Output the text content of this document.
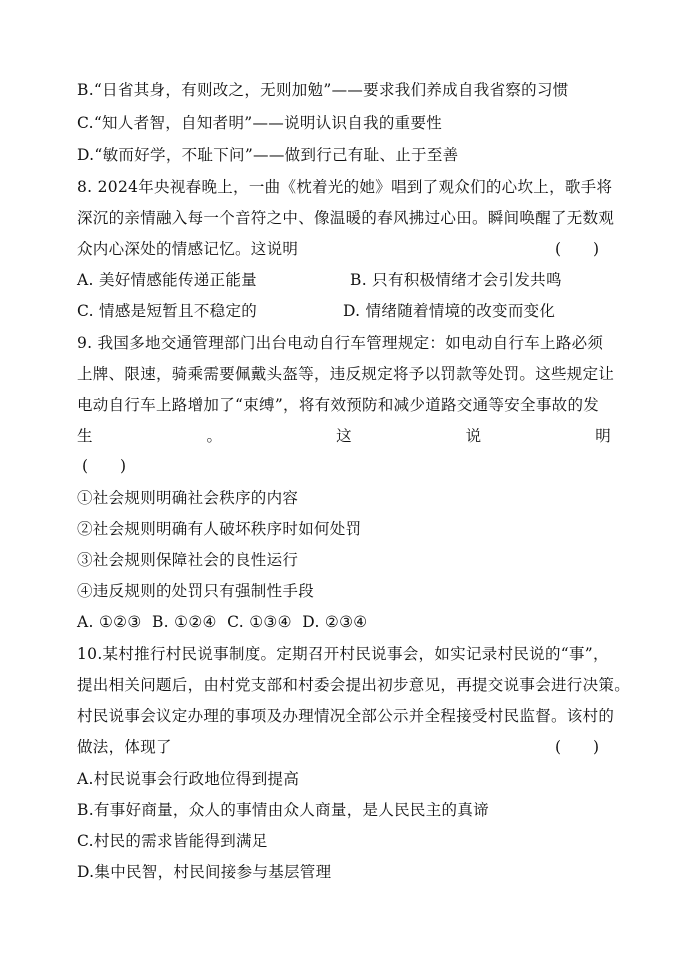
B.“日省其身，有则改之，无则加勉”——要求我们养成自我省察的习惯
C.“知人者智，自知者明”——说明认识自我的重要性
D.“敏而好学，不耻下问”——做到行己有耻、止于至善
8. 2024年央视春晚上，一曲《枕着光的她》唱到了观众们的心坎上，歌手将
深沉的亲情融入每一个音符之中、像温暖的春风拂过心田。瞬间唤醒了无数观
众内心深处的情感记忆。这说明	(　　)
A. 美好情感能传递正能量	B. 只有积极情绪才会引发共鸣
C. 情感是短暂且不稳定的	D. 情绪随着情境的改变而变化
9. 我国多地交通管理部门出台电动自行车管理规定：如电动自行车上路必须
上牌、限速，骑乘需要佩戴头盔等，违反规定将予以罚款等处罚。这些规定让
电动自行车上路增加了“束缚”，将有效预防和减少道路交通等安全事故的发
生	。	这	说	明
(　　)
①社会规则明确社会秩序的内容
②社会规则明确有人破坏秩序时如何处罚
③社会规则保障社会的良性运行
④违反规则的处罚只有强制性手段
A. ①②③  B. ①②④  C. ①③④  D. ②③④
10.某村推行村民说事制度。定期召开村民说事会，如实记录村民说的“事”，
提出相关问题后，由村党支部和村委会提出初步意见，再提交说事会进行决策。
村民说事会议定办理的事项及办理情况全部公示并全程接受村民监督。该村的
做法，体现了	(　　)
A.村民说事会行政地位得到提高
B.有事好商量，众人的事情由众人商量，是人民民主的真谛
C.村民的需求皆能得到满足
D.集中民智，村民间接参与基层管理
